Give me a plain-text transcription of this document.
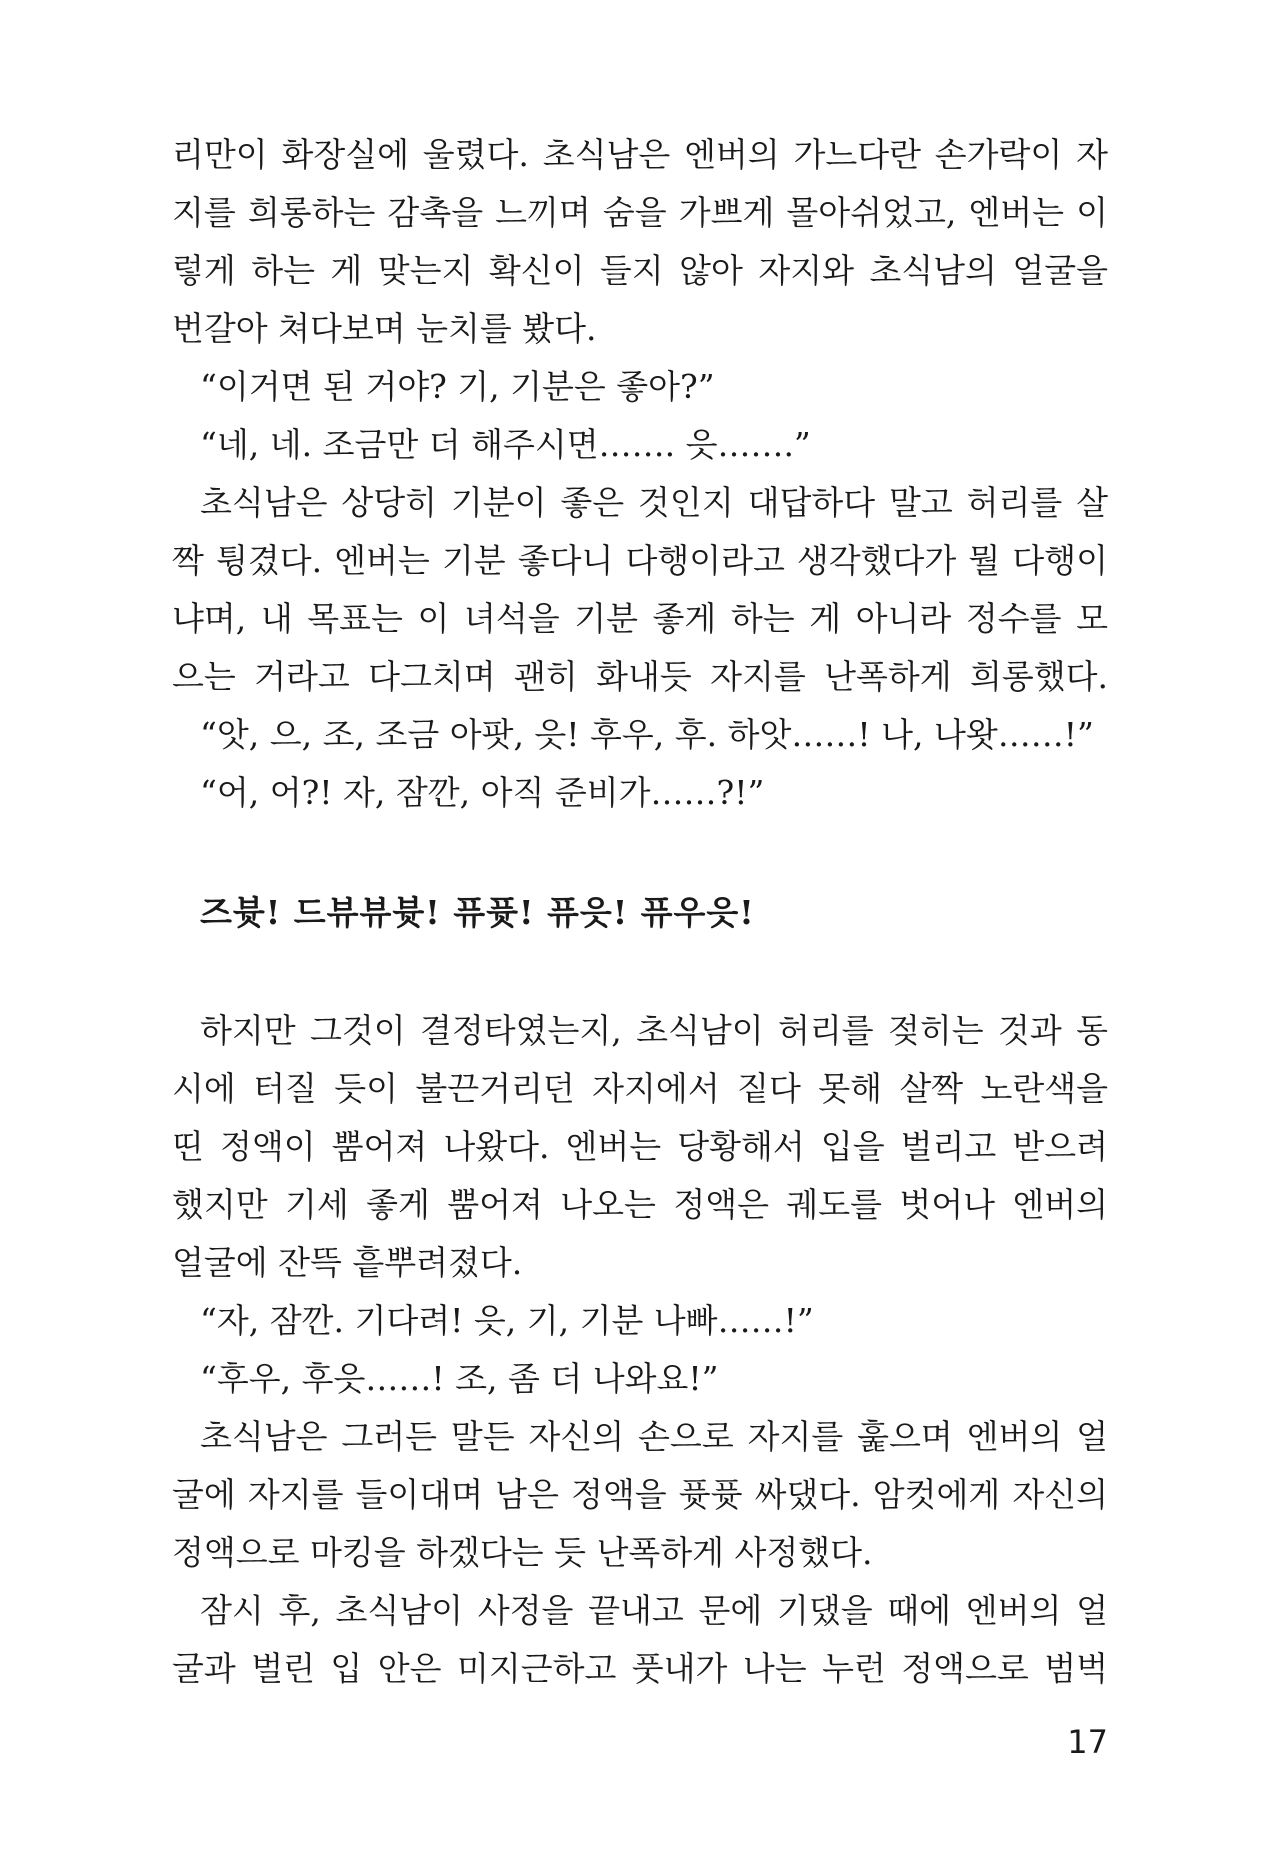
리만이 화장실에 울렸다. 초식남은 엔버의 가느다란 손가락이 자
지를 희롱하는 감촉을 느끼며 숨을 가쁘게 몰아쉬었고, 엔버는 이
렇게 하는 게 맞는지 확신이 들지 않아 자지와 초식남의 얼굴을
번갈아 쳐다보며 눈치를 봤다.
“이거면 된 거야? 기, 기분은 좋아?”
“네, 네. 조금만 더 해주시면……. 읏…….”
초식남은 상당히 기분이 좋은 것인지 대답하다 말고 허리를 살
짝 튕겼다. 엔버는 기분 좋다니 다행이라고 생각했다가 뭘 다행이
냐며, 내 목표는 이 녀석을 기분 좋게 하는 게 아니라 정수를 모
으는 거라고 다그치며 괜히 화내듯 자지를 난폭하게 희롱했다.
“앗, 으, 조, 조금 아팟, 읏! 후우, 후. 하앗……! 나, 나왓……!”
“어, 어?! 자, 잠깐, 아직 준비가……?!”
즈븃! 드뷰뷰븃! 퓨퓻! 퓨읏! 퓨우읏!
하지만 그것이 결정타였는지, 초식남이 허리를 젖히는 것과 동
시에 터질 듯이 불끈거리던 자지에서 짙다 못해 살짝 노란색을
띤 정액이 뿜어져 나왔다. 엔버는 당황해서 입을 벌리고 받으려
했지만 기세 좋게 뿜어져 나오는 정액은 궤도를 벗어나 엔버의
얼굴에 잔뜩 흩뿌려졌다.
“자, 잠깐. 기다려! 읏, 기, 기분 나빠……!”
“후우, 후읏……! 조, 좀 더 나와요!”
초식남은 그러든 말든 자신의 손으로 자지를 훑으며 엔버의 얼
굴에 자지를 들이대며 남은 정액을 퓻퓻 싸댔다. 암컷에게 자신의
정액으로 마킹을 하겠다는 듯 난폭하게 사정했다.
잠시 후, 초식남이 사정을 끝내고 문에 기댔을 때에 엔버의 얼
굴과 벌린 입 안은 미지근하고 풋내가 나는 누런 정액으로 범벅
17
